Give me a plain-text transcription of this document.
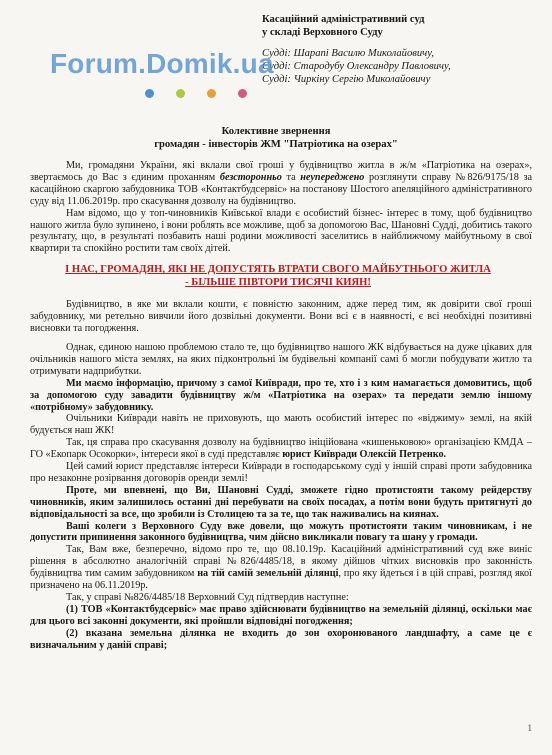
Касаційний адміністративний суд
у складі Верховного Суду
Судді: Шарапі Василю Миколайовичу,
Судді: Стародубу Олександру Павловичу,
Судді: Чиркіну Сергію Миколайовичу
Forum.Domik.ua
Колективне звернення
громадян - інвесторів ЖМ "Патріотика на озерах"

Ми, громадяни України, які вклали свої гроші у будівництво житла в ж/м «Патріотика на озерах», звертаємось до Вас з єдиним проханням безсторонньо та неупереджено розглянути справу №826/9175/18 за касаційною скаргою забудовника ТОВ «Контактбудсервіс» на постанову Шостого апеляційного адміністративного суду від 11.06.2019р. про скасування дозволу на будівництво.

Нам відомо, що у топ-чиновників Київської влади є особистий бізнес- інтерес в тому, щоб будівництво нашого житла було зупинено, і вони роблять все можливе, щоб за допомогою Вас, Шановні Судді, добитись такого результату, що, в результаті позбавить наші родини можливості заселитись в найближчому майбутньому в свої квартири та спокійно ростити там своїх дітей.

І НАС, ГРОМАДЯН, ЯКІ НЕ ДОПУСТЯТЬ ВТРАТИ СВОГО МАЙБУТНЬОГО ЖИТЛА
- БІЛЬШЕ ПІВТОРИ ТИСЯЧІ КИЯН!

Будівництво, в яке ми вклали кошти, є повністю законним, адже перед тим, як довірити свої гроші забудовнику, ми ретельно вивчили його дозвільні документи. Вони всі є в наявності, є всі необхідні позитивні висновки та погодження.

Однак, єдиною нашою проблемою стало те, що будівництво нашого ЖК відбувається на дуже цікавих для очільників нашого міста землях, на яких підконтрольні їм будівельні компанії самі б могли побудувати житло та отримувати надприбутки.

Ми маємо інформацію, причому з самої Київради, про те, хто і з ким намагається домовитись, щоб за допомогою суду завадити будівництву ж/м «Патріотика на озерах» та передати землю іншому «потрібному» забудовнику.

Очільники Київради навіть не приховують, що мають особистий інтерес по «віджиму» землі, на якій будується наш ЖК!

Так, ця справа про скасування дозволу на будівництво ініційована «кишеньковою» організацією КМДА – ГО «Екопарк Осокорки», інтереси якої в суді представляє юрист Київради Олексій Петренко.

Цей самий юрист представляє інтереси Київради в господарському суді у іншій справі проти забудовника про незаконне розірвання договорів оренди землі!

Проте, ми впевнені, що Ви, Шановні Судді, зможете гідно протистояти такому рейдерству чиновників, яким залишилось останні дні перебувати на своїх посадах, а потім вони будуть притягнуті до відповідальності за все, що зробили із Столицею та за те, що так наживались на киянах.

Ваші колеги з Верховного Суду вже довели, що можуть протистояти таким чиновникам, і не допустити припинення законного будівництва, чим дійсно викликали повагу та шану у громади.

Так, Вам вже, безперечно, відомо про те, що 08.10.19р. Касаційний адміністративний суд вже виніс рішення в абсолютно аналогічній справі №826/4485/18, в якому дійшов чітких висновків про законність будівництва тим самим забудовником на тій самій земельній ділянці, про яку йдеться і в цій справі, розгляд якої призначено на 06.11.2019р.

Так, у справі №826/4485/18 Верховний Суд підтвердив наступне:

(1) ТОВ «Контактбудсервіс» має право здійснювати будівництво на земельній ділянці, оскільки має для цього всі законні документи, які пройшли відповідні погодження;

(2) вказана земельна ділянка не входить до зон охоронюваного ландшафту, а саме це є визначальним у даній справі;

1
